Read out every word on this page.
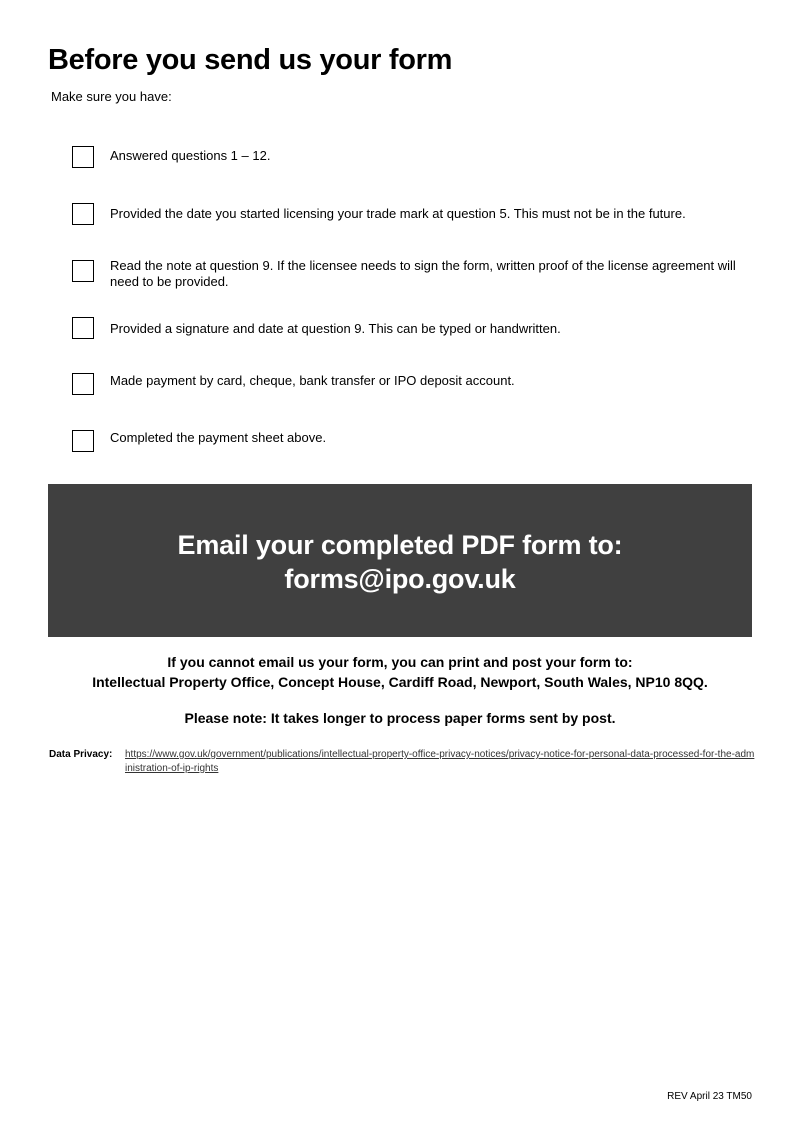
Before you send us your form
Make sure you have:
Answered questions 1 – 12.
Provided the date you started licensing your trade mark at question 5. This must not be in the future.
Read the note at question 9. If the licensee needs to sign the form, written proof of the license agreement will need to be provided.
Provided a signature and date at question 9. This can be typed or handwritten.
Made payment by card, cheque, bank transfer or IPO deposit account.
Completed the payment sheet above.
Email your completed PDF form to:
forms@ipo.gov.uk
If you cannot email us your form, you can print and post your form to:
Intellectual Property Office, Concept House, Cardiff Road, Newport, South Wales, NP10 8QQ.
Please note: It takes longer to process paper forms sent by post.
Data Privacy: https://www.gov.uk/government/publications/intellectual-property-office-privacy-notices/privacy-notice-for-personal-data-processed-for-the-administration-of-ip-rights
REV April 23 TM50
